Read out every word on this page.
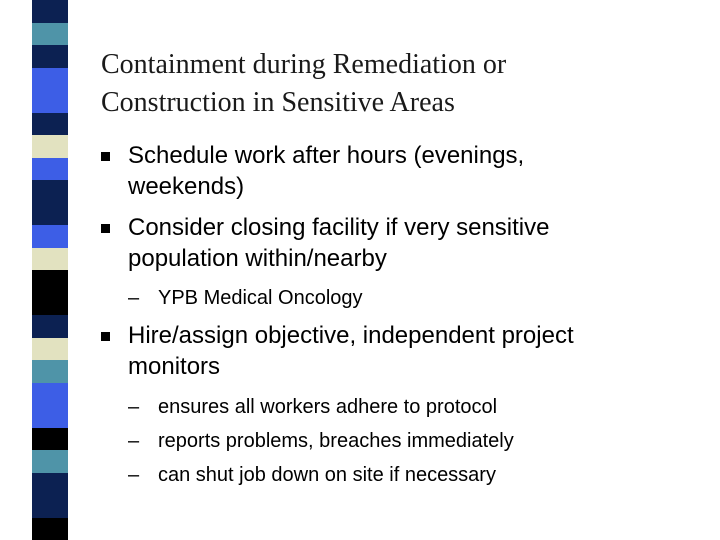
Containment during Remediation or
Construction in Sensitive Areas
Schedule work after hours (evenings,
weekends)
Consider closing facility if very sensitive
population within/nearby
– YPB Medical Oncology
Hire/assign objective, independent project
monitors
– ensures all workers adhere to protocol
– reports problems, breaches immediately
– can shut job down on site if necessary
